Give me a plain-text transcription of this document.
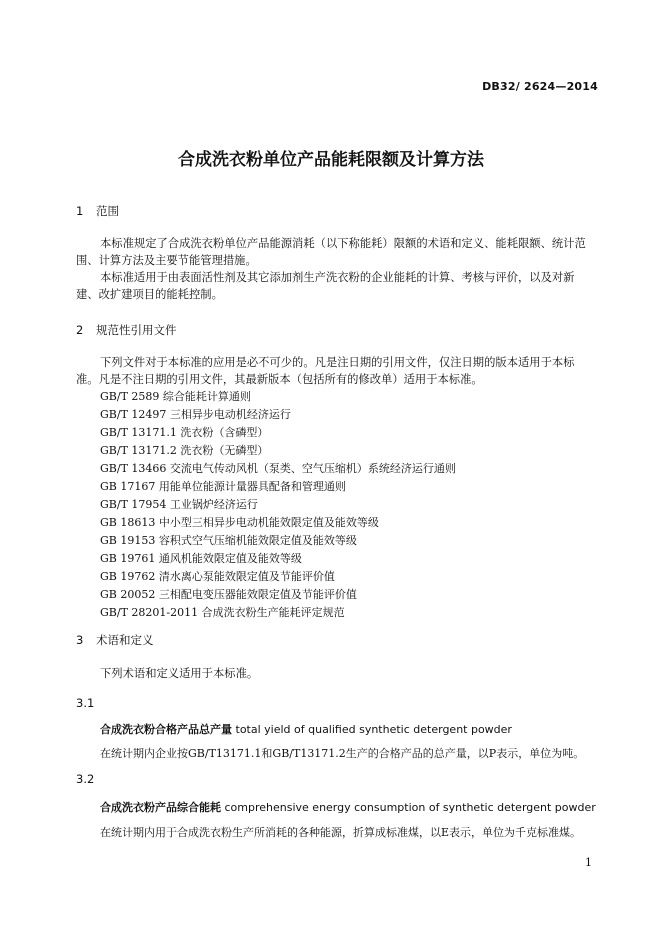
DB32/ 2624—2014
合成洗衣粉单位产品能耗限额及计算方法
1 范围

本标准规定了合成洗衣粉单位产品能源消耗（以下称能耗）限额的术语和定义、能耗限额、统计范围、计算方法及主要节能管理措施。

本标准适用于由表面活性剂及其它添加剂生产洗衣粉的企业能耗的计算、考核与评价，以及对新建、改扩建项目的能耗控制。

2 规范性引用文件

下列文件对于本标准的应用是必不可少的。凡是注日期的引用文件，仅注日期的版本适用于本标准。凡是不注日期的引用文件，其最新版本（包括所有的修改单）适用于本标准。

GB/T 2589 综合能耗计算通则
GB/T 12497 三相异步电动机经济运行
GB/T 13171.1 洗衣粉（含磷型）
GB/T 13171.2 洗衣粉（无磷型）
GB/T 13466 交流电气传动风机（泵类、空气压缩机）系统经济运行通则
GB 17167 用能单位能源计量器具配备和管理通则
GB/T 17954 工业锅炉经济运行
GB 18613 中小型三相异步电动机能效限定值及能效等级
GB 19153 容积式空气压缩机能效限定值及能效等级
GB 19761 通风机能效限定值及能效等级
GB 19762 清水离心泵能效限定值及节能评价值
GB 20052 三相配电变压器能效限定值及节能评价值
GB/T 28201-2011 合成洗衣粉生产能耗评定规范
3 术语和定义

下列术语和定义适用于本标准。

3.1
合成洗衣粉合格产品总产量 total yield of qualified synthetic detergent powder
在统计期内企业按GB/T13171.1和GB/T13171.2生产的合格产品的总产量，以P表示，单位为吨。
3.2
合成洗衣粉产品综合能耗 comprehensive energy consumption of synthetic detergent powder
在统计期内用于合成洗衣粉生产所消耗的各种能源，折算成标准煤，以E表示，单位为千克标准煤。
1
